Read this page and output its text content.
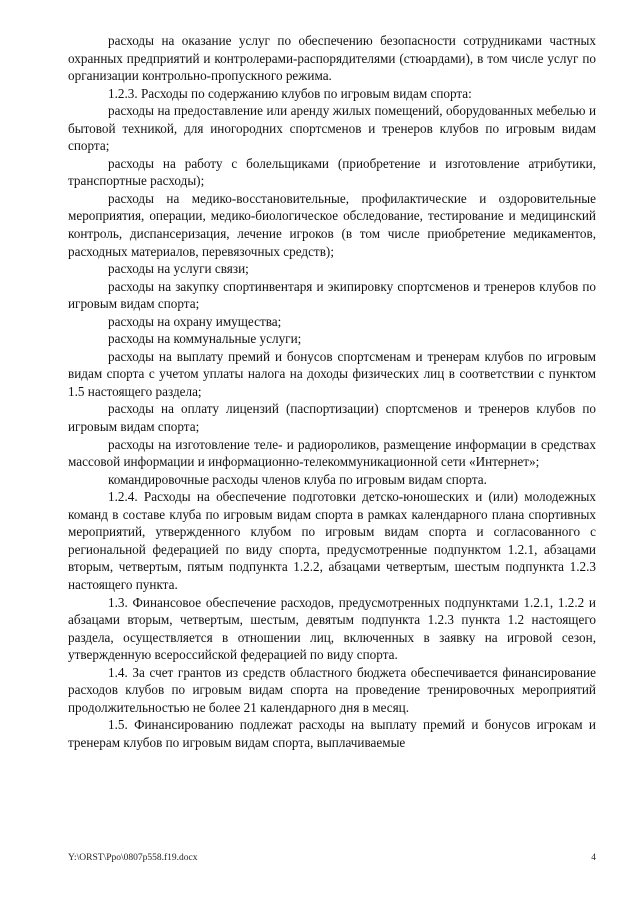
расходы на оказание услуг по обеспечению безопасности сотрудниками частных охранных предприятий и контролерами-распорядителями (стюардами), в том числе услуг по организации контрольно-пропускного режима.

1.2.3. Расходы по содержанию клубов по игровым видам спорта:

расходы на предоставление или аренду жилых помещений, оборудованных мебелью и бытовой техникой, для иногородних спортсменов и тренеров клубов по игровым видам спорта;

расходы на работу с болельщиками (приобретение и изготовление атрибутики, транспортные расходы);

расходы на медико-восстановительные, профилактические и оздоровительные мероприятия, операции, медико-биологическое обследование, тестирование и медицинский контроль, диспансеризация, лечение игроков (в том числе приобретение медикаментов, расходных материалов, перевязочных средств);

расходы на услуги связи;

расходы на закупку спортинвентаря и экипировку спортсменов и тренеров клубов по игровым видам спорта;

расходы на охрану имущества;

расходы на коммунальные услуги;

расходы на выплату премий и бонусов спортсменам и тренерам клубов по игровым видам спорта с учетом уплаты налога на доходы физических лиц в соответствии с пунктом 1.5 настоящего раздела;

расходы на оплату лицензий (паспортизации) спортсменов и тренеров клубов по игровым видам спорта;

расходы на изготовление теле- и радиороликов, размещение информации в средствах массовой информации и информационно-телекоммуникационной сети «Интернет»;

командировочные расходы членов клуба по игровым видам спорта.

1.2.4. Расходы на обеспечение подготовки детско-юношеских и (или) молодежных команд в составе клуба по игровым видам спорта в рамках календарного плана спортивных мероприятий, утвержденного клубом по игровым видам спорта и согласованного с региональной федерацией по виду спорта, предусмотренные подпунктом 1.2.1, абзацами вторым, четвертым, пятым подпункта 1.2.2, абзацами четвертым, шестым подпункта 1.2.3 настоящего пункта.

1.3. Финансовое обеспечение расходов, предусмотренных подпунктами 1.2.1, 1.2.2 и абзацами вторым, четвертым, шестым, девятым подпункта 1.2.3 пункта 1.2 настоящего раздела, осуществляется в отношении лиц, включенных в заявку на игровой сезон, утвержденную всероссийской федерацией по виду спорта.

1.4. За счет грантов из средств областного бюджета обеспечивается финансирование расходов клубов по игровым видам спорта на проведение тренировочных мероприятий продолжительностью не более 21 календарного дня в месяц.

1.5. Финансированию подлежат расходы на выплату премий и бонусов игрокам и тренерам клубов по игровым видам спорта, выплачиваемые

Y:\ORST\Ppo\0807p558.f19.docx	4
